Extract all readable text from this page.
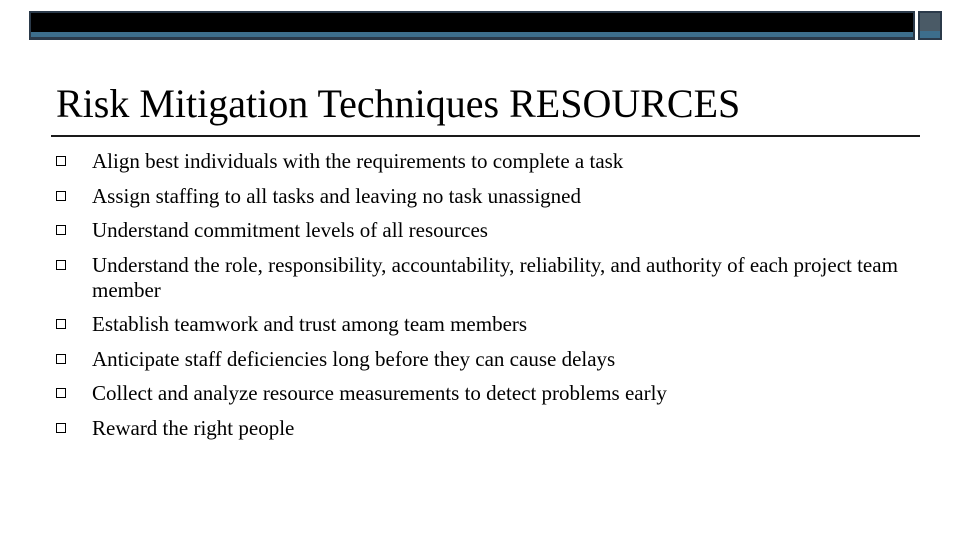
Risk Mitigation Techniques RESOURCES
Align best individuals with the requirements to complete a task
Assign staffing to all tasks and leaving no task unassigned
Understand commitment levels of all resources
Understand the role, responsibility, accountability, reliability, and authority of each project team member
Establish teamwork and trust among team members
Anticipate staff deficiencies long before they can cause delays
Collect and analyze resource measurements to detect problems early
Reward the right people
